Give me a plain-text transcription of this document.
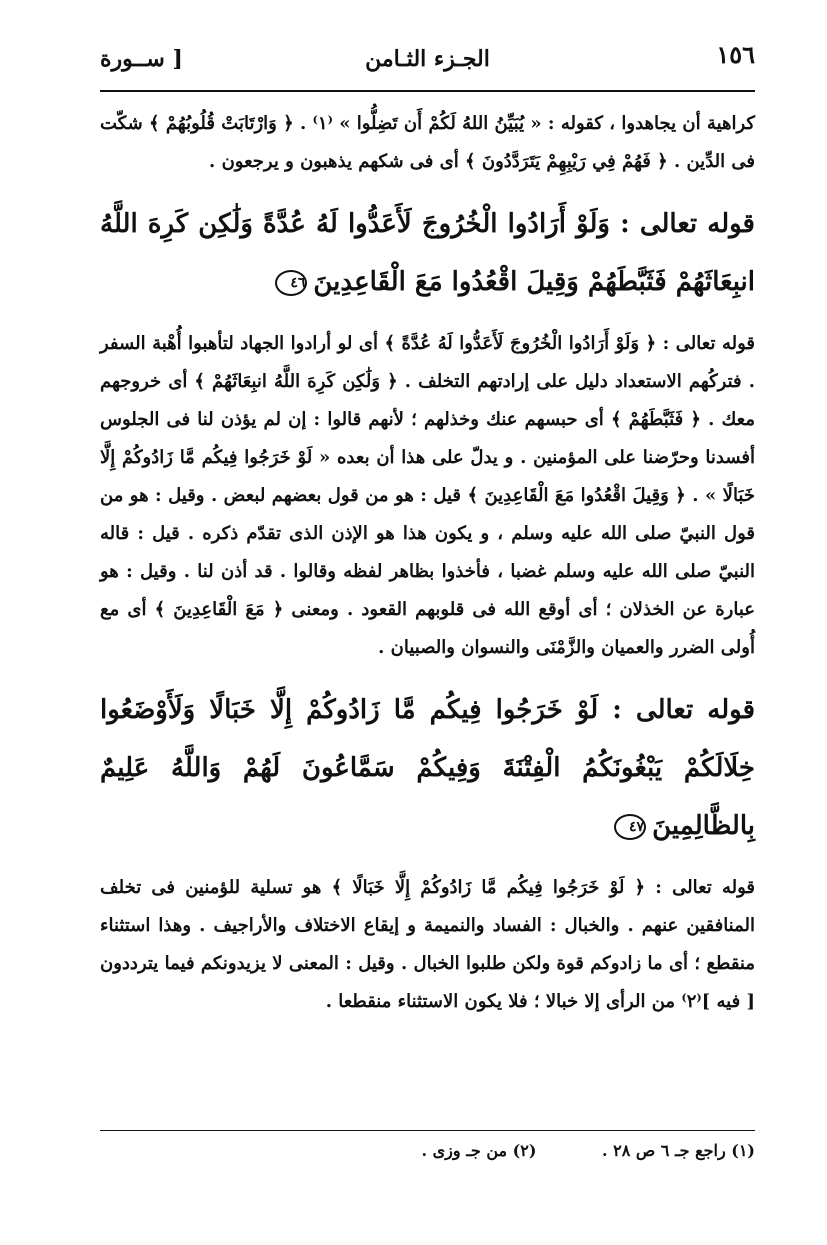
١٥٦
الجـزء الثـامن
[ ســورة

كراهية أن يجاهدوا ، كقوله : « يُبَيِّنُ اللهُ لَكُمْ أَن تَضِلُّوا » ⁽١⁾ . ﴿ وَارْتَابَتْ قُلُوبُهُمْ ﴾ شكّت فى الدِّين . ﴿ فَهُمْ فِي رَيْبِهِمْ يَتَرَدَّدُونَ ﴾ أى فى شكهم يذهبون و يرجعون .

قوله تعالى : وَلَوْ أَرَادُوا الْخُرُوجَ لَأَعَدُّوا لَهُ عُدَّةً وَلَٰكِن كَرِهَ اللَّهُ انبِعَاثَهُمْ فَثَبَّطَهُمْ وَقِيلَ اقْعُدُوا مَعَ الْقَاعِدِينَ٤٦

قوله تعالى : ﴿ وَلَوْ أَرَادُوا الْخُرُوجَ لَأَعَدُّوا لَهُ عُدَّةً ﴾ أى لو أرادوا الجهاد لتأهبوا أُهْبة السفر . فتركُهم الاستعداد دليل على إرادتهم التخلف . ﴿ وَلَٰكِن كَرِهَ اللَّهُ انبِعَاثَهُمْ ﴾ أى خروجهم معك . ﴿ فَثَبَّطَهُمْ ﴾ أى حبسهم عنك وخذلهم ؛ لأنهم قالوا : إن لم يؤذن لنا فى الجلوس أفسدنا وحرّضنا على المؤمنين . و يدلّ على هذا أن بعده « لَوْ خَرَجُوا فِيكُم مَّا زَادُوكُمْ إِلَّا خَبَالًا » . ﴿ وَقِيلَ اقْعُدُوا مَعَ الْقَاعِدِينَ ﴾ قيل : هو من قول بعضهم لبعض . وقيل : هو من قول النبيّ صلى الله عليه وسلم ، و يكون هذا هو الإذن الذى تقدّم ذكره . قيل : قاله النبيّ صلى الله عليه وسلم غضبا ، فأخذوا بظاهر لفظه وقالوا . قد أذن لنا . وقيل : هو عبارة عن الخذلان ؛ أى أوقع الله فى قلوبهم القعود . ومعنى ﴿ مَعَ الْقَاعِدِينَ ﴾ أى مع أُولى الضرر والعميان والزَّمْنَى والنسوان والصبيان .

قوله تعالى : لَوْ خَرَجُوا فِيكُم مَّا زَادُوكُمْ إِلَّا خَبَالًا وَلَأَوْضَعُوا خِلَالَكُمْ يَبْغُونَكُمُ الْفِتْنَةَ وَفِيكُمْ سَمَّاعُونَ لَهُمْ وَاللَّهُ عَلِيمٌ بِالظَّالِمِينَ٤٧

قوله تعالى : ﴿ لَوْ خَرَجُوا فِيكُم مَّا زَادُوكُمْ إِلَّا خَبَالًا ﴾ هو تسلية للؤمنين فى تخلف المنافقين عنهم . والخبال : الفساد والنميمة و إيقاع الاختلاف والأراجيف . وهذا استثناء منقطع ؛ أى ما زادوكم قوة ولكن طلبوا الخبال . وقيل : المعنى لا يزيدونكم فيما يترددون [ فيه ]⁽٢⁾ من الرأى إلا خبالا ؛ فلا يكون الاستثناء منقطعا .

(١) راجع جـ ٦ ص ٢٨ . (٢) من جـ وزى .
